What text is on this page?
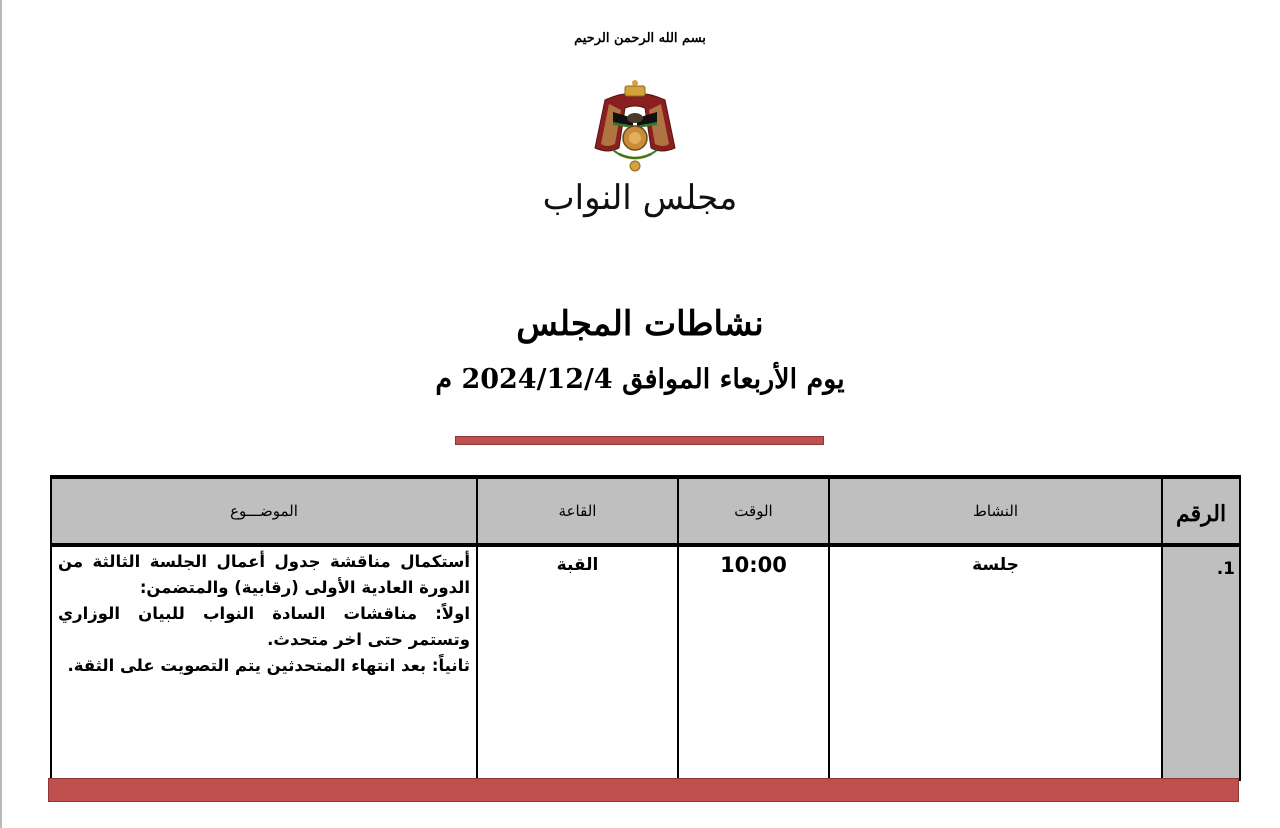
بسم الله الرحمن الرحيم
مجلس النواب
نشاطات المجلس
يوم الأربعاء الموافق 2024/12/4 م
الرقم	النشاط	الوقت	القاعة	الموضـــوع
1.	جلسة	10:00	القبة	أستكمال مناقشة جدول أعمال الجلسة الثالثة من الدورة العادية الأولى (رقابية) والمتضمن:
اولاً: مناقشات السادة النواب للبيان الوزاري وتستمر حتى اخر متحدث.
ثانياً: بعد انتهاء المتحدثين يتم التصويت على الثقة.
